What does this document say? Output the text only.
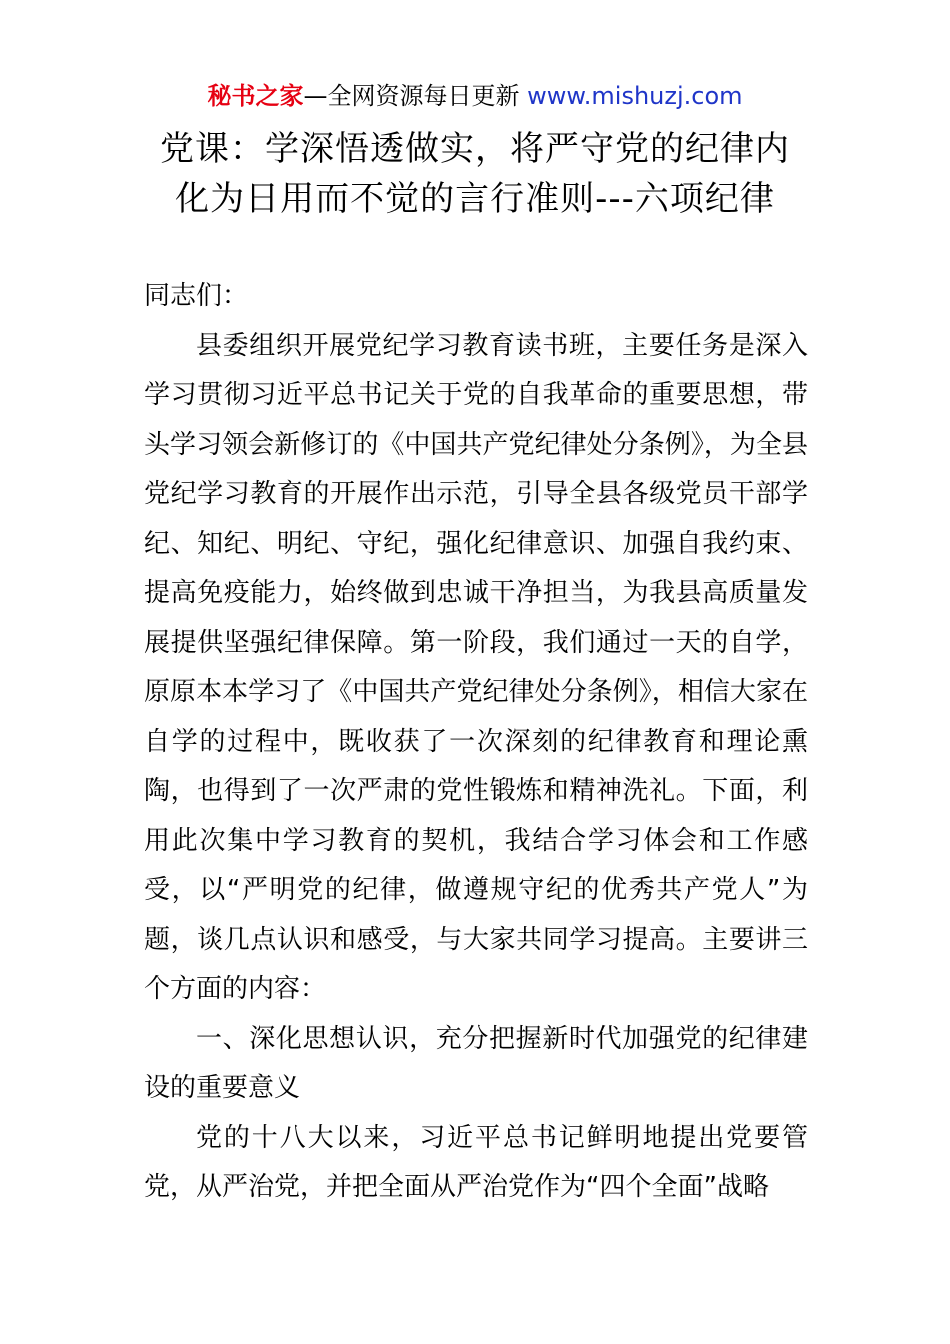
秘书之家—全网资源每日更新 www.mishuzj.com
党课：学深悟透做实，将严守党的纪律内
化为日用而不觉的言行准则---六项纪律

同志们：

县委组织开展党纪学习教育读书班，主要任务是深入学习贯彻习近平总书记关于党的自我革命的重要思想，带头学习领会新修订的《中国共产党纪律处分条例》，为全县党纪学习教育的开展作出示范，引导全县各级党员干部学纪、知纪、明纪、守纪，强化纪律意识、加强自我约束、提高免疫能力，始终做到忠诚干净担当，为我县高质量发展提供坚强纪律保障。第一阶段，我们通过一天的自学，原原本本学习了《中国共产党纪律处分条例》，相信大家在自学的过程中，既收获了一次深刻的纪律教育和理论熏陶，也得到了一次严肃的党性锻炼和精神洗礼。下面，利用此次集中学习教育的契机，我结合学习体会和工作感受，以“严明党的纪律，做遵规守纪的优秀共产党人”为题，谈几点认识和感受，与大家共同学习提高。主要讲三个方面的内容：

一、深化思想认识，充分把握新时代加强党的纪律建设的重要意义

党的十八大以来，习近平总书记鲜明地提出党要管党，从严治党，并把全面从严治党作为“四个全面”战略
